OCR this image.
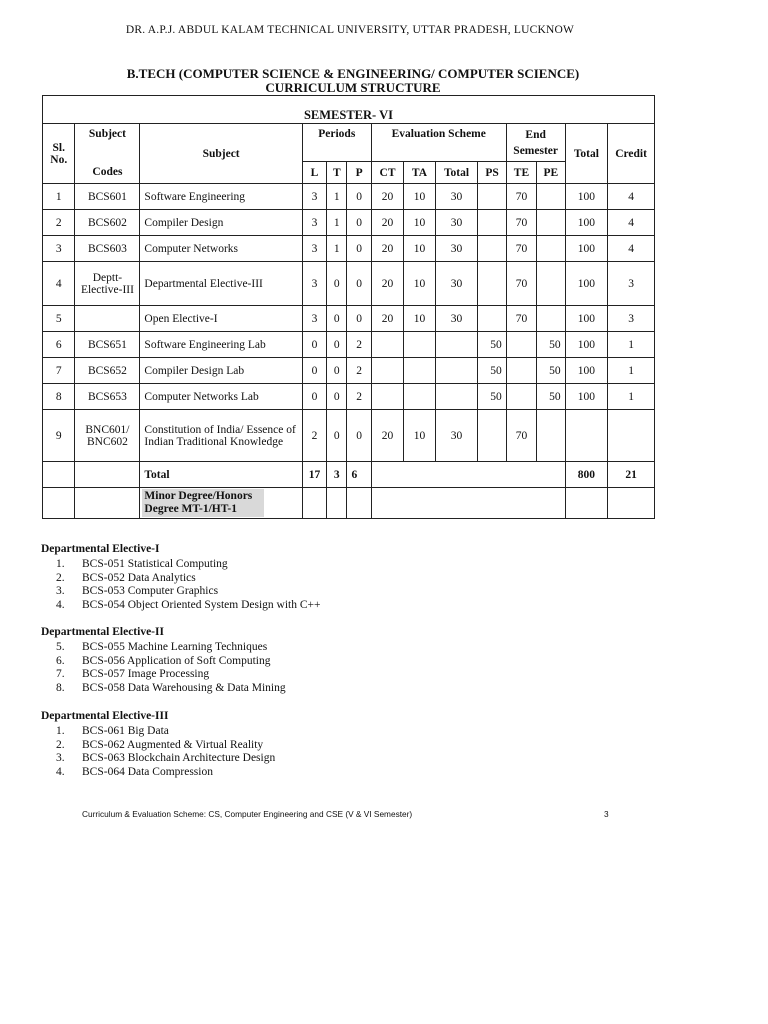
DR. A.P.J. ABDUL KALAM TECHNICAL UNIVERSITY, UTTAR PRADESH, LUCKNOW
B.TECH (COMPUTER SCIENCE & ENGINEERING/ COMPUTER SCIENCE)
CURRICULUM STRUCTURE
SEMESTER- VI													
Sl. No.	Subject	Subject	Periods			Evaluation Scheme				End Semester		Total	Credit
	Codes		L	T	P	CT	TA	Total	PS	TE	PE		
1	BCS601	Software Engineering	3	1	0	20	10	30		70		100	4
2	BCS602	Compiler Design	3	1	0	20	10	30		70		100	4
3	BCS603	Computer Networks	3	1	0	20	10	30		70		100	4
4	Deptt-Elective-III	Departmental Elective-III	3	0	0	20	10	30		70		100	3
5		Open Elective-I	3	0	0	20	10	30		70		100	3
6	BCS651	Software Engineering Lab	0	0	2				50		50	100	1
7	BCS652	Compiler Design Lab	0	0	2				50		50	100	1
8	BCS653	Computer Networks Lab	0	0	2				50		50	100	1
9	BNC601/ BNC602	Constitution of India/ Essence of Indian Traditional Knowledge	2	0	0	20	10	30		70			
		Total	17	3	6							800	21
		Minor Degree/Honors Degree MT-1/HT-1											
Departmental Elective-I
1.	BCS-051 Statistical Computing
2.	BCS-052 Data Analytics
3.	BCS-053 Computer Graphics
4.	BCS-054 Object Oriented System Design with C++
Departmental Elective-II
5.	BCS-055 Machine Learning Techniques
6.	BCS-056 Application of Soft Computing
7.	BCS-057 Image Processing
8.	BCS-058 Data Warehousing & Data Mining
Departmental Elective-III
1.	BCS-061 Big Data
2.	BCS-062 Augmented & Virtual Reality
3.	BCS-063 Blockchain Architecture Design
4.	BCS-064 Data Compression
Curriculum & Evaluation Scheme: CS, Computer Engineering and CSE (V & VI Semester)	3
